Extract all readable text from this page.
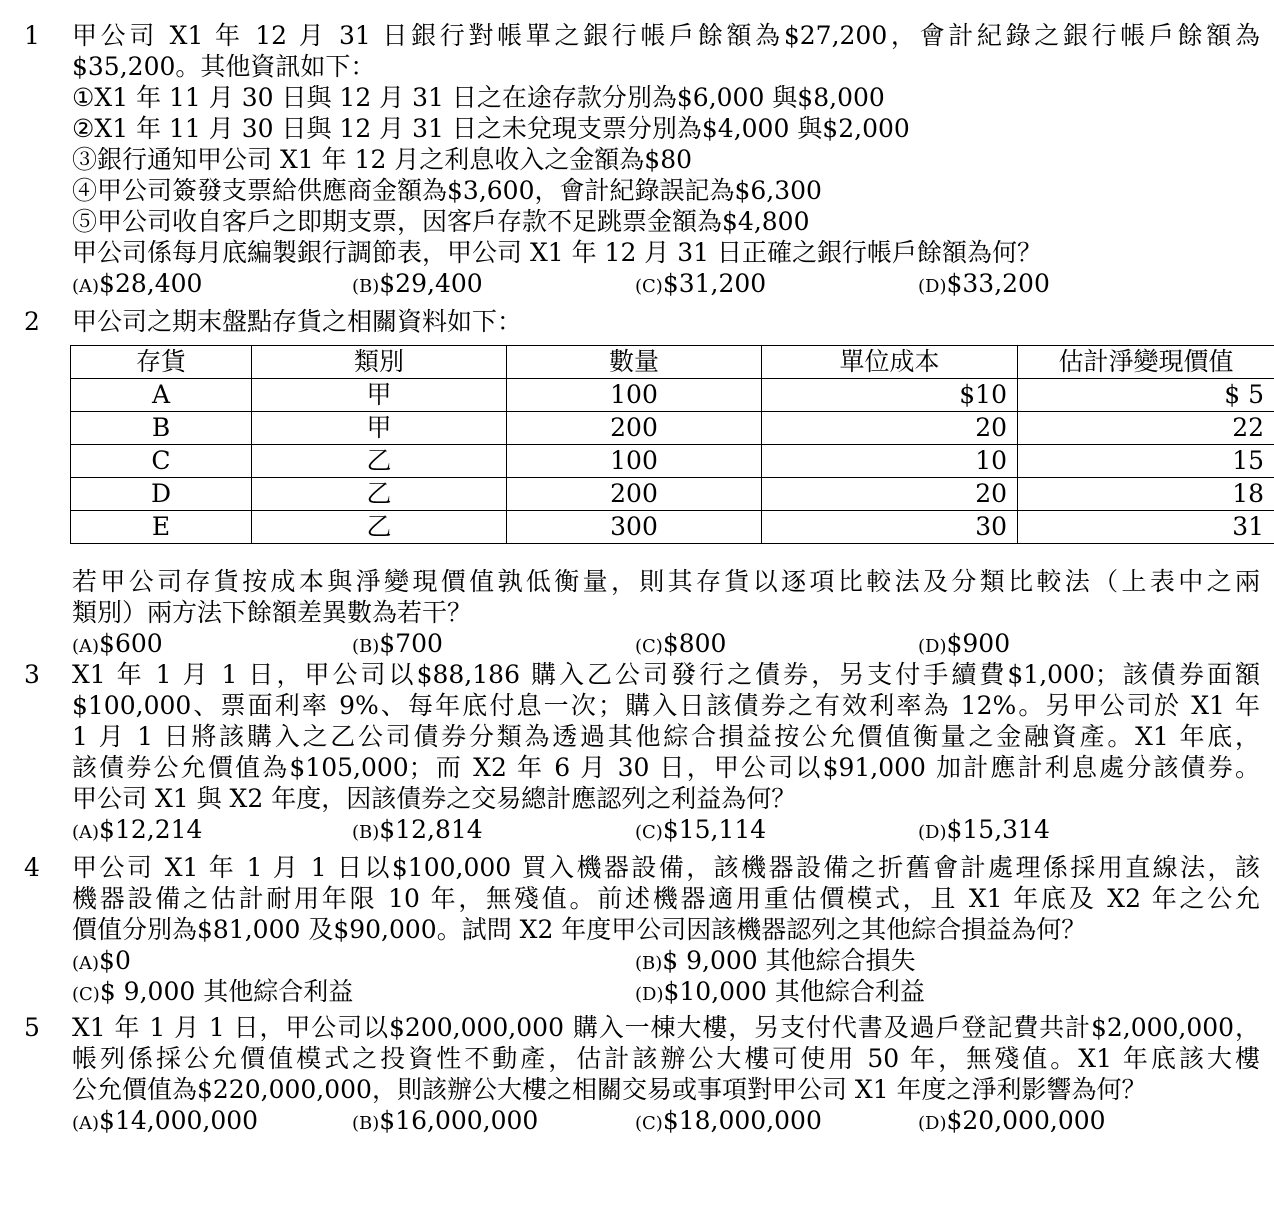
1	甲公司 X1 年 12 月 31 日銀行對帳單之銀行帳戶餘額為$27,200，會計紀錄之銀行帳戶餘額為
$35,200。其他資訊如下：
①X1 年 11 月 30 日與 12 月 31 日之在途存款分別為$6,000 與$8,000
②X1 年 11 月 30 日與 12 月 31 日之未兌現支票分別為$4,000 與$2,000
③銀行通知甲公司 X1 年 12 月之利息收入之金額為$80
④甲公司簽發支票給供應商金額為$3,600，會計紀錄誤記為$6,300
⑤甲公司收自客戶之即期支票，因客戶存款不足跳票金額為$4,800
甲公司係每月底編製銀行調節表，甲公司 X1 年 12 月 31 日正確之銀行帳戶餘額為何？
(A)$28,400	(B)$29,400	(C)$31,200	(D)$33,200
2	甲公司之期末盤點存貨之相關資料如下：
存貨	類別	數量	單位成本	估計淨變現價值
A	甲	100	$10	$ 5
B	甲	200	20	22
C	乙	100	10	15
D	乙	200	20	18
E	乙	300	30	31
若甲公司存貨按成本與淨變現價值孰低衡量，則其存貨以逐項比較法及分類比較法（上表中之兩
類別）兩方法下餘額差異數為若干？
(A)$600	(B)$700	(C)$800	(D)$900
3	X1 年 1 月 1 日，甲公司以$88,186 購入乙公司發行之債券，另支付手續費$1,000；該債券面額
$100,000、票面利率 9%、每年底付息一次；購入日該債券之有效利率為 12%。另甲公司於 X1 年
1 月 1 日將該購入之乙公司債券分類為透過其他綜合損益按公允價值衡量之金融資產。X1 年底，
該債券公允價值為$105,000；而 X2 年 6 月 30 日，甲公司以$91,000 加計應計利息處分該債券。
甲公司 X1 與 X2 年度，因該債券之交易總計應認列之利益為何？
(A)$12,214	(B)$12,814	(C)$15,114	(D)$15,314
4	甲公司 X1 年 1 月 1 日以$100,000 買入機器設備，該機器設備之折舊會計處理係採用直線法，該
機器設備之估計耐用年限 10 年，無殘值。前述機器適用重估價模式，且 X1 年底及 X2 年之公允
價值分別為$81,000 及$90,000。試問 X2 年度甲公司因該機器認列之其他綜合損益為何？
(A)$0	(B)$ 9,000 其他綜合損失
(C)$ 9,000 其他綜合利益	(D)$10,000 其他綜合利益
5	X1 年 1 月 1 日，甲公司以$200,000,000 購入一棟大樓，另支付代書及過戶登記費共計$2,000,000，
帳列係採公允價值模式之投資性不動產，估計該辦公大樓可使用 50 年，無殘值。X1 年底該大樓
公允價值為$220,000,000，則該辦公大樓之相關交易或事項對甲公司 X1 年度之淨利影響為何？
(A)$14,000,000	(B)$16,000,000	(C)$18,000,000	(D)$20,000,000
